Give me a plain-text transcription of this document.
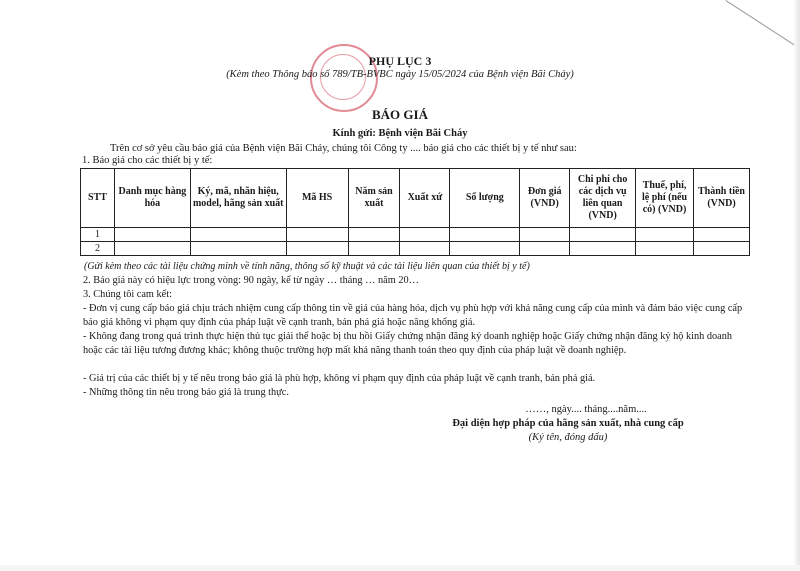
PHỤ LỤC 3
(Kèm theo Thông báo số 789/TB-BVBC ngày 15/05/2024 của Bệnh viện Bãi Cháy)
BÁO GIÁ
Kính gửi: Bệnh viện Bãi Cháy
Trên cơ sở yêu cầu báo giá của Bệnh viện Bãi Cháy, chúng tôi Công ty .... báo giá cho các thiết bị y tế như sau:
1. Báo giá cho các thiết bị y tế:
STT	Danh mục hàng hóa	Ký, mã, nhãn hiệu, model, hãng sản xuất	Mã HS	Năm sản xuất	Xuất xứ	Số lượng	Đơn giá (VND)	Chi phí cho các dịch vụ liên quan (VND)	Thuế, phí, lệ phí (nếu có) (VND)	Thành tiền (VND)
1										
2										
(Gửi kèm theo các tài liệu chứng minh về tính năng, thông số kỹ thuật và các tài liệu liên quan của thiết bị y tế)
2. Báo giá này có hiệu lực trong vòng: 90 ngày, kể từ ngày … tháng … năm 20…
3. Chúng tôi cam kết:
- Đơn vị cung cấp báo giá chịu trách nhiệm cung cấp thông tin về giá của hàng hóa, dịch vụ phù hợp với khả năng cung cấp của mình và đảm bảo việc cung cấp báo giá không vi phạm quy định của pháp luật về cạnh tranh, bán phá giá hoặc nâng khống giá.
- Không đang trong quá trình thực hiện thủ tục giải thể hoặc bị thu hồi Giấy chứng nhận đăng ký doanh nghiệp hoặc Giấy chứng nhận đăng ký hộ kinh doanh hoặc các tài liệu tương đương khác; không thuộc trường hợp mất khả năng thanh toán theo quy định của pháp luật về doanh nghiệp.
- Giá trị của các thiết bị y tế nêu trong báo giá là phù hợp, không vi phạm quy định của pháp luật về cạnh tranh, bán phá giá.
- Những thông tin nêu trong báo giá là trung thực.
……, ngày.... tháng....năm....
Đại diện hợp pháp của hãng sản xuất, nhà cung cấp
(Ký tên, đóng dấu)
